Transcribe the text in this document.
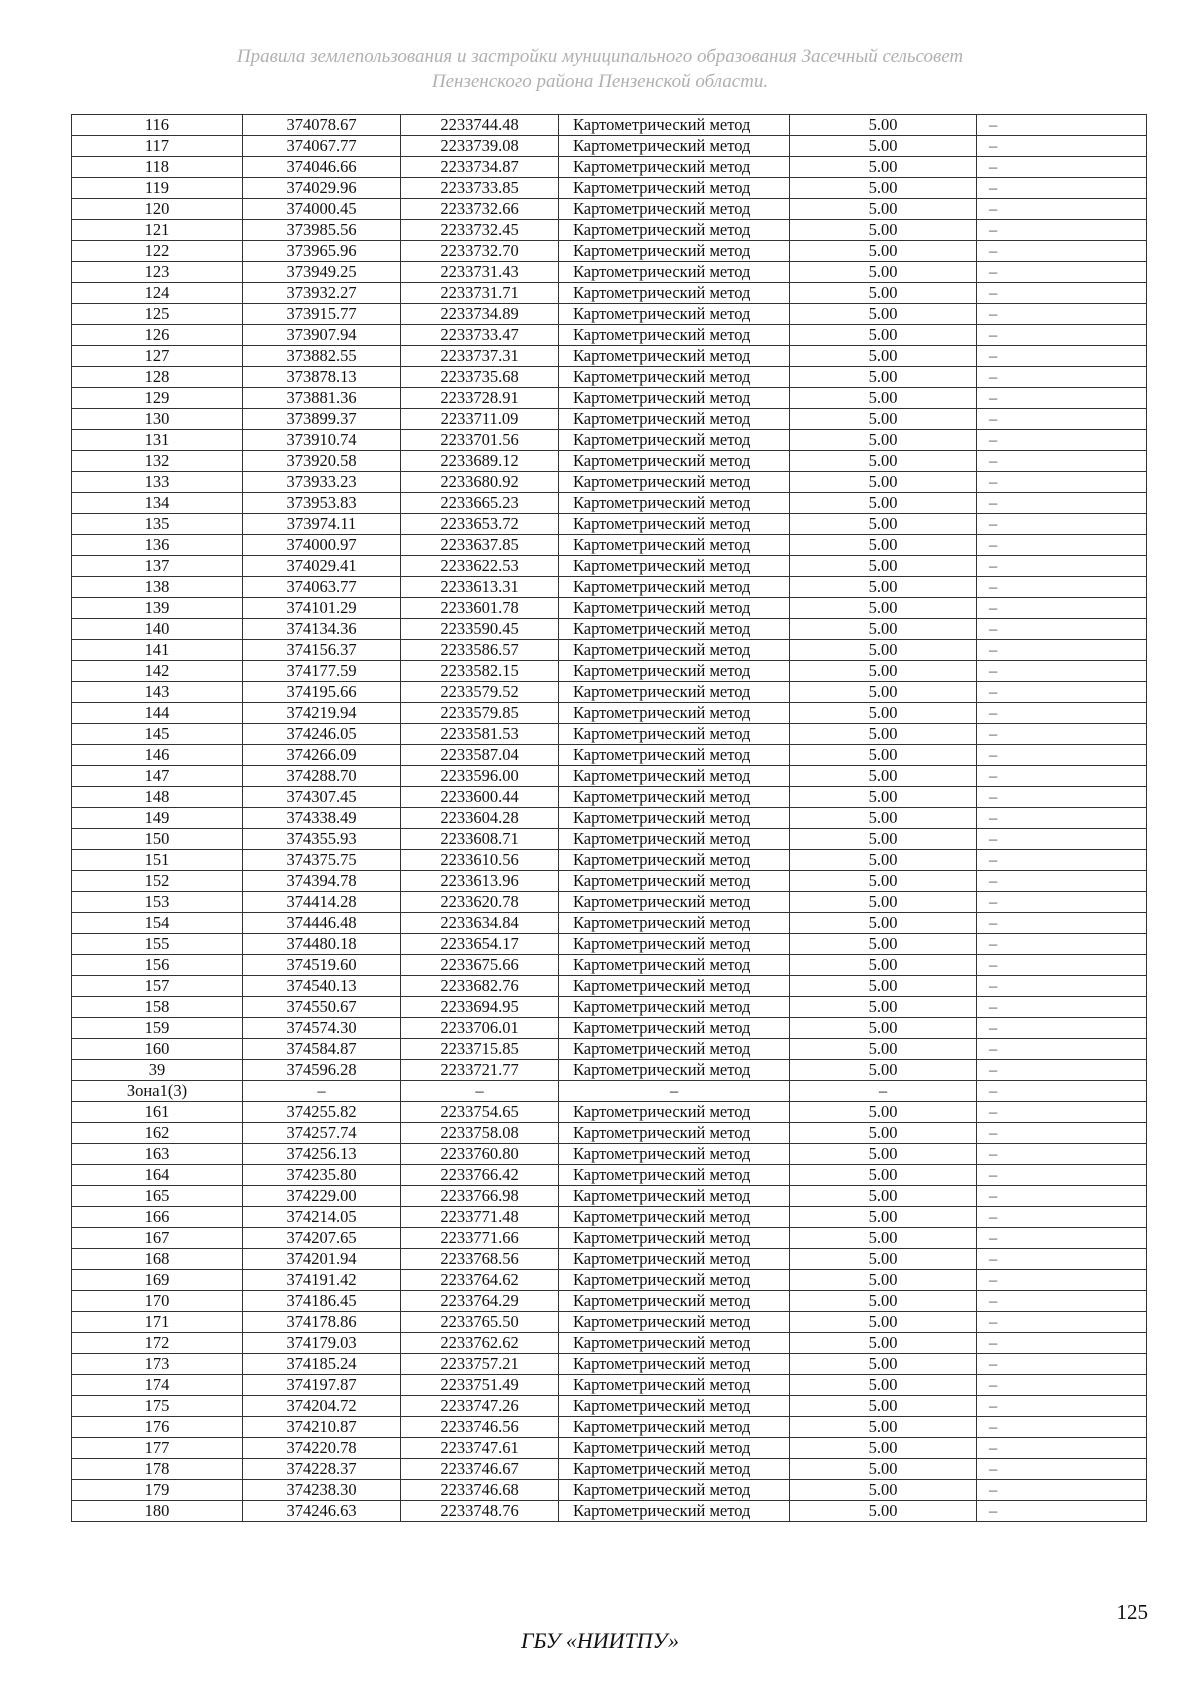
Правила землепользования и застройки муниципального образования Засечный сельсовет
Пензенского района Пензенской области.
116	374078.67	2233744.48	Картометрический метод	5.00	–
117	374067.77	2233739.08	Картометрический метод	5.00	–
118	374046.66	2233734.87	Картометрический метод	5.00	–
119	374029.96	2233733.85	Картометрический метод	5.00	–
120	374000.45	2233732.66	Картометрический метод	5.00	–
121	373985.56	2233732.45	Картометрический метод	5.00	–
122	373965.96	2233732.70	Картометрический метод	5.00	–
123	373949.25	2233731.43	Картометрический метод	5.00	–
124	373932.27	2233731.71	Картометрический метод	5.00	–
125	373915.77	2233734.89	Картометрический метод	5.00	–
126	373907.94	2233733.47	Картометрический метод	5.00	–
127	373882.55	2233737.31	Картометрический метод	5.00	–
128	373878.13	2233735.68	Картометрический метод	5.00	–
129	373881.36	2233728.91	Картометрический метод	5.00	–
130	373899.37	2233711.09	Картометрический метод	5.00	–
131	373910.74	2233701.56	Картометрический метод	5.00	–
132	373920.58	2233689.12	Картометрический метод	5.00	–
133	373933.23	2233680.92	Картометрический метод	5.00	–
134	373953.83	2233665.23	Картометрический метод	5.00	–
135	373974.11	2233653.72	Картометрический метод	5.00	–
136	374000.97	2233637.85	Картометрический метод	5.00	–
137	374029.41	2233622.53	Картометрический метод	5.00	–
138	374063.77	2233613.31	Картометрический метод	5.00	–
139	374101.29	2233601.78	Картометрический метод	5.00	–
140	374134.36	2233590.45	Картометрический метод	5.00	–
141	374156.37	2233586.57	Картометрический метод	5.00	–
142	374177.59	2233582.15	Картометрический метод	5.00	–
143	374195.66	2233579.52	Картометрический метод	5.00	–
144	374219.94	2233579.85	Картометрический метод	5.00	–
145	374246.05	2233581.53	Картометрический метод	5.00	–
146	374266.09	2233587.04	Картометрический метод	5.00	–
147	374288.70	2233596.00	Картометрический метод	5.00	–
148	374307.45	2233600.44	Картометрический метод	5.00	–
149	374338.49	2233604.28	Картометрический метод	5.00	–
150	374355.93	2233608.71	Картометрический метод	5.00	–
151	374375.75	2233610.56	Картометрический метод	5.00	–
152	374394.78	2233613.96	Картометрический метод	5.00	–
153	374414.28	2233620.78	Картометрический метод	5.00	–
154	374446.48	2233634.84	Картометрический метод	5.00	–
155	374480.18	2233654.17	Картометрический метод	5.00	–
156	374519.60	2233675.66	Картометрический метод	5.00	–
157	374540.13	2233682.76	Картометрический метод	5.00	–
158	374550.67	2233694.95	Картометрический метод	5.00	–
159	374574.30	2233706.01	Картометрический метод	5.00	–
160	374584.87	2233715.85	Картометрический метод	5.00	–
39	374596.28	2233721.77	Картометрический метод	5.00	–
Зона1(3)	–	–	–	–	–
161	374255.82	2233754.65	Картометрический метод	5.00	–
162	374257.74	2233758.08	Картометрический метод	5.00	–
163	374256.13	2233760.80	Картометрический метод	5.00	–
164	374235.80	2233766.42	Картометрический метод	5.00	–
165	374229.00	2233766.98	Картометрический метод	5.00	–
166	374214.05	2233771.48	Картометрический метод	5.00	–
167	374207.65	2233771.66	Картометрический метод	5.00	–
168	374201.94	2233768.56	Картометрический метод	5.00	–
169	374191.42	2233764.62	Картометрический метод	5.00	–
170	374186.45	2233764.29	Картометрический метод	5.00	–
171	374178.86	2233765.50	Картометрический метод	5.00	–
172	374179.03	2233762.62	Картометрический метод	5.00	–
173	374185.24	2233757.21	Картометрический метод	5.00	–
174	374197.87	2233751.49	Картометрический метод	5.00	–
175	374204.72	2233747.26	Картометрический метод	5.00	–
176	374210.87	2233746.56	Картометрический метод	5.00	–
177	374220.78	2233747.61	Картометрический метод	5.00	–
178	374228.37	2233746.67	Картометрический метод	5.00	–
179	374238.30	2233746.68	Картометрический метод	5.00	–
180	374246.63	2233748.76	Картометрический метод	5.00	–
125
ГБУ «НИИТПУ»
